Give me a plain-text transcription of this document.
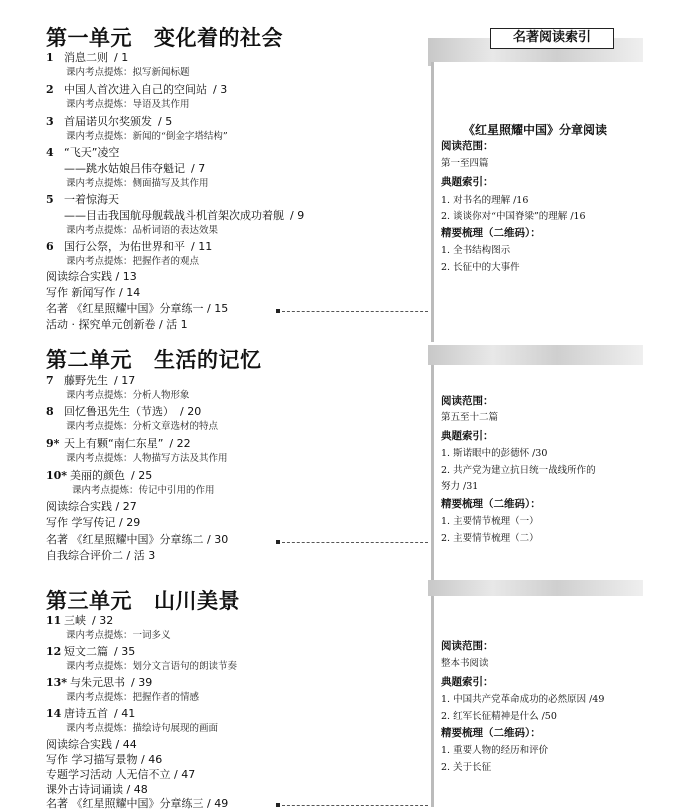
第一单元 变化着的社会
1 消息二则 / 1
课内考点提炼：拟写新闻标题
2 中国人首次进入自己的空间站 / 3
课内考点提炼：导语及其作用
3 首届诺贝尔奖颁发 / 5
课内考点提炼：新闻的“倒金字塔结构”
4 “飞天”凌空
——跳水姑娘吕伟夺魁记 / 7
课内考点提炼：侧面描写及其作用
5 一着惊海天
——目击我国航母舰载战斗机首架次成功着舰 / 9
课内考点提炼：品析词语的表达效果
6 国行公祭，为佑世界和平 / 11
课内考点提炼：把握作者的观点
阅读综合实践 / 13
写作 新闻写作 / 14
名著 《红星照耀中国》分章练一 / 15
活动 · 探究单元创新卷 / 活 1
第二单元 生活的记忆
7 藤野先生 / 17
课内考点提炼：分析人物形象
8 回忆鲁迅先生（节选） / 20
课内考点提炼：分析文章选材的特点
9* 天上有颗“南仁东星” / 22
课内考点提炼：人物描写方法及其作用
10* 美丽的颜色 / 25
课内考点提炼：传记中引用的作用
阅读综合实践 / 27
写作 学写传记 / 29
名著 《红星照耀中国》分章练二 / 30
自我综合评价二 / 活 3
第三单元 山川美景
11 三峡 / 32
课内考点提炼：一词多义
12 短文二篇 / 35
课内考点提炼：划分文言语句的朗读节奏
13* 与朱元思书 / 39
课内考点提炼：把握作者的情感
14 唐诗五首 / 41
课内考点提炼：描绘诗句展现的画面
阅读综合实践 / 44
写作 学习描写景物 / 46
专题学习活动 人无信不立 / 47
课外古诗词诵读 / 48
名著 《红星照耀中国》分章练三 / 49
名著阅读索引
《红星照耀中国》分章阅读
阅读范围：
第一至四篇
典题索引：
1. 对书名的理解 /16
2. 谈谈你对“中国脊梁”的理解 /16
精要梳理（二维码）：
1. 全书结构图示
2. 长征中的大事件
阅读范围：
第五至十二篇
典题索引：
1. 斯诺眼中的彭德怀 /30
2. 共产党为建立抗日统一战线所作的
努力 /31
精要梳理（二维码）：
1. 主要情节梳理（一）
2. 主要情节梳理（二）
阅读范围：
整本书阅读
典题索引：
1. 中国共产党革命成功的必然原因 /49
2. 红军长征精神是什么 /50
精要梳理（二维码）：
1. 重要人物的经历和评价
2. 关于长征
